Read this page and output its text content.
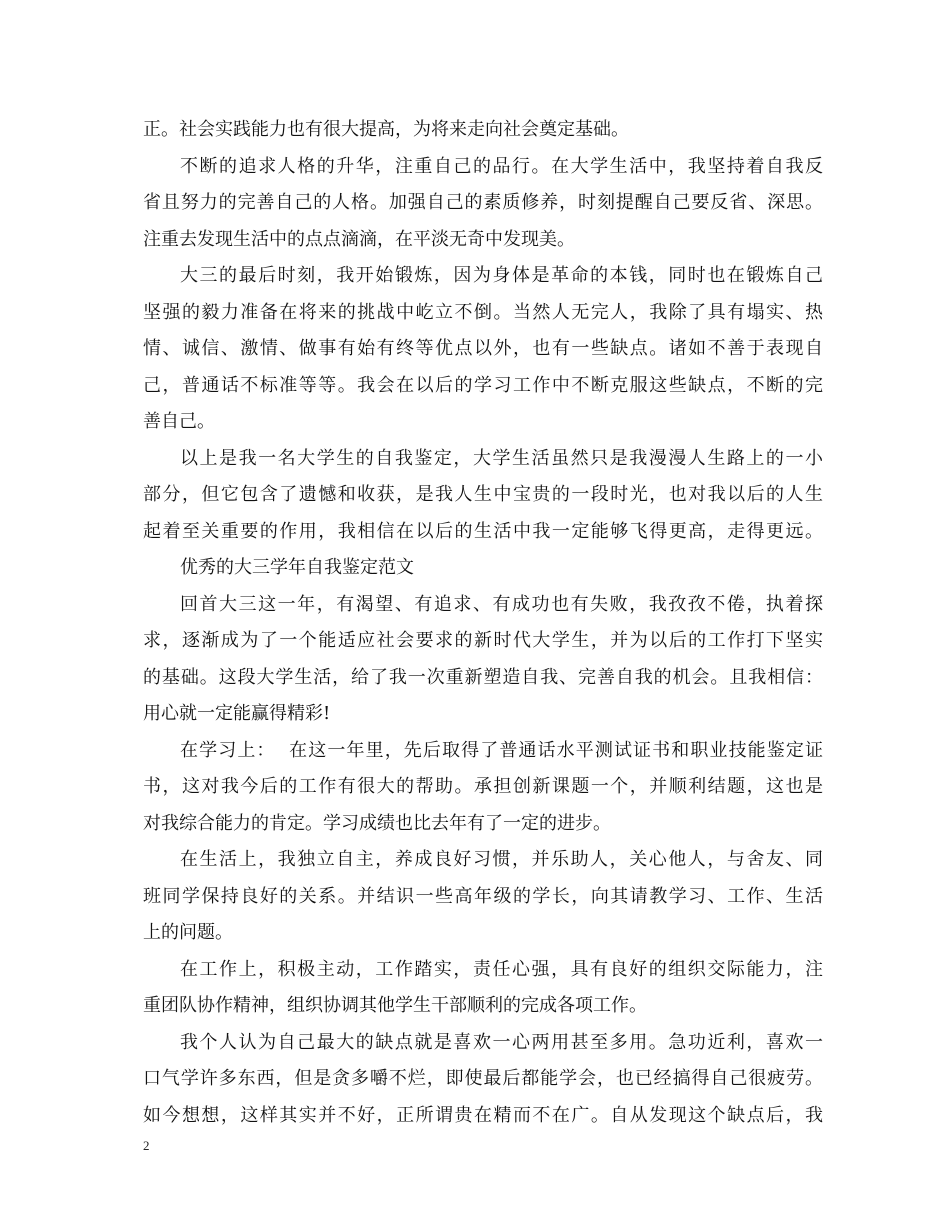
正。社会实践能力也有很大提高，为将来走向社会奠定基础。
不断的追求人格的升华，注重自己的品行。在大学生活中，我坚持着自我反
省且努力的完善自己的人格。加强自己的素质修养，时刻提醒自己要反省、深思。
注重去发现生活中的点点滴滴，在平淡无奇中发现美。
大三的最后时刻，我开始锻炼，因为身体是革命的本钱，同时也在锻炼自己
坚强的毅力准备在将来的挑战中屹立不倒。当然人无完人，我除了具有塌实、热
情、诚信、激情、做事有始有终等优点以外，也有一些缺点。诸如不善于表现自
己，普通话不标准等等。我会在以后的学习工作中不断克服这些缺点，不断的完
善自己。
以上是我一名大学生的自我鉴定，大学生活虽然只是我漫漫人生路上的一小
部分，但它包含了遗憾和收获，是我人生中宝贵的一段时光，也对我以后的人生
起着至关重要的作用，我相信在以后的生活中我一定能够飞得更高，走得更远。
优秀的大三学年自我鉴定范文
回首大三这一年，有渴望、有追求、有成功也有失败，我孜孜不倦，执着探
求，逐渐成为了一个能适应社会要求的新时代大学生，并为以后的工作打下坚实
的基础。这段大学生活，给了我一次重新塑造自我、完善自我的机会。且我相信：
用心就一定能赢得精彩!
在学习上：  在这一年里，先后取得了普通话水平测试证书和职业技能鉴定证
书，这对我今后的工作有很大的帮助。承担创新课题一个，并顺利结题，这也是
对我综合能力的肯定。学习成绩也比去年有了一定的进步。
在生活上，我独立自主，养成良好习惯，并乐助人，关心他人，与舍友、同
班同学保持良好的关系。并结识一些高年级的学长，向其请教学习、工作、生活
上的问题。
在工作上，积极主动，工作踏实，责任心强，具有良好的组织交际能力，注
重团队协作精神，组织协调其他学生干部顺利的完成各项工作。
我个人认为自己最大的缺点就是喜欢一心两用甚至多用。急功近利，喜欢一
口气学许多东西，但是贪多嚼不烂，即使最后都能学会，也已经搞得自己很疲劳。
如今想想，这样其实并不好，正所谓贵在精而不在广。自从发现这个缺点后，我
2
